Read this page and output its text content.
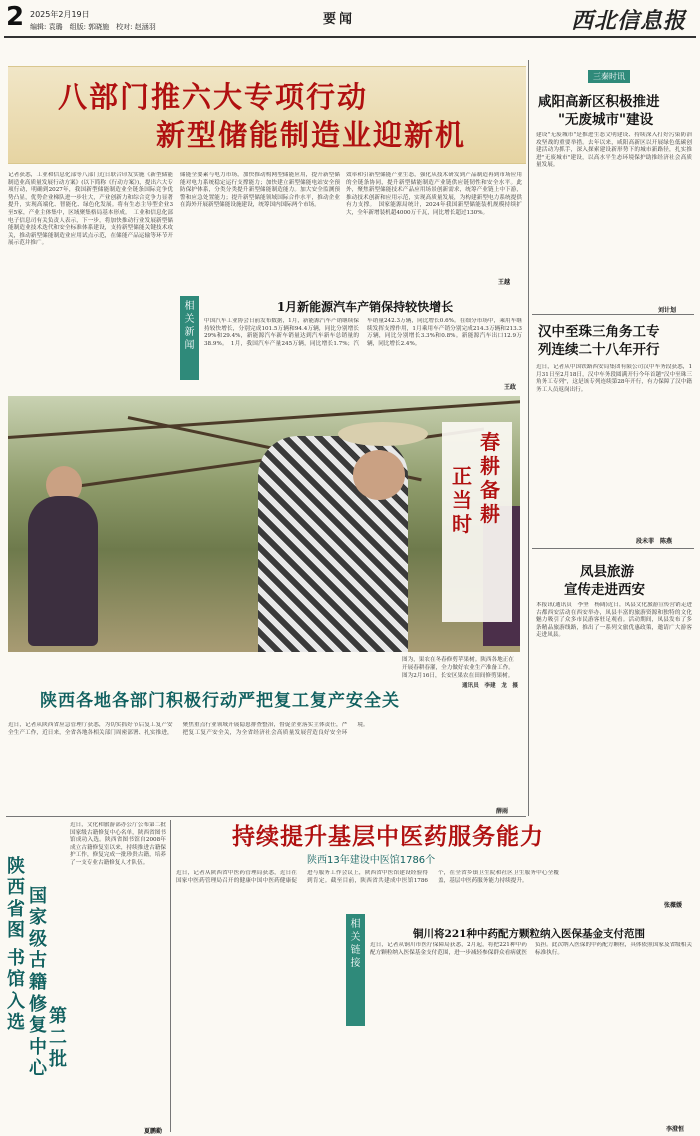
2 2025年2月19日
编辑: 袁璐　组版: 郭晓施　校对: 赵涵羽	要闻	西北信息报
八部门推六大专项行动
新型储能制造业迎新机
记者获悉，工业和信息化部等八部门近日联合印发实施《新型储能制造业高质量发展行动方案》(以下简称《行动方案》)，提出六大专项行动，明确到2027年，我国新型储能制造业全链条国际竞争优势凸显，优势企业梯队进一步壮大，产业创新力和综合竞争力显著提升，实现高端化、智能化、绿色化发展。将有生态主导型企业3至5家，产业主体集中，区域聚集格局基本形成。　工业和信息化部电子信息司有关负责人表示，下一步，将加快推动行业发展新型储能制造业技术迭代和安全标准体系建设，支持新型储能关键技术攻关，推动新型储能制造业应用试点示范，在储能产品运输等环节开展示范并推广。
储能全要素与电力市场，加快推动构网型储能应用，提升新型储能对电力系统稳定运行支撑能力；加快建立新型储能电站安全预防保护体系，分类分类提升新型储能制造能力。加大安全监测预警和应急处置能力；提升新型储能领域国际合作水平，推动企业在海外开展新型储能设施建设，统筹国内国际两个市场。
效率和引新型储能产业生态，强化从技术研发到产品制造再到市场应用的全链条协同，提升新型储能制造产业链供应链韧性和安全水平。此外，聚焦新型储能技术产品应用场景创新需求，统筹产业链上中下游，推动技术创新和应用示范，实现高质量发展，为构建新型电力系统提供有力支撑。　国家能源局统计，2024年我国新型储能装机规模持续扩大，全年新增装机超4000万千瓦，同比增长超过130%。
王越
相关新闻
1月新能源汽车产销保持较快增长
中国汽车工业协会日前发布数据，1月，新能源汽车产销继续保持较快增长，分别完成101.5万辆和94.4万辆，同比分别增长29%和29.4%，新能源汽车新车销量达到汽车新车总销量的38.9%。　1月，我国汽车产量245万辆，同比增长1.7%；汽车销量242.3万辆，同比增长0.6%。在细分市场中，乘用车继续发挥支撑作用，1月乘用车产销分别完成214.3万辆和213.3万辆，同比分别增长3.3%和0.8%。新能源汽车出口12.9万辆，同比增长2.4%。
王政
春耕备耕
正当时
图为，果农在冬春修剪苹果树。陕西各地正在开展春耕春灌，全力做好农业生产准备工作。　　图为2月16日，长安区果农在田间修剪果树。
通讯员　李建　龙　摄
陕西各地各部门积极行动严把复工复产安全关
近日，记者从陕西省应急管理厅获悉，为切实抓好节后复工复产安全生产工作，近日来，全省各地各相关部门周密部署、扎实推进，聚焦重点行业领域开展隐患排查整治，督促企业落实主体责任，严把复工复产安全关，为全省经济社会高质量发展营造良好安全环境。
薛雨
陕西省图
书馆入选
国家级古籍
修复中心
第二批
近日，文化和旅游部办公厅公布第二批国家级古籍修复中心名单，陕西省图书馆成功入选。陕西省图书馆自2008年成立古籍修复室以来，持续推进古籍保护工作，修复完成一批珍贵古籍，培养了一支专业古籍修复人才队伍。
夏鹏勤
持续提升基层中医药服务能力
陕西13年建设中医馆1786个
近日，记者从陕西省中医药管理局获悉，近日在国家中医药管理局召开的健康中国中医药健康促进与服务工作会议上，陕西省中医馆建设经验得到肯定。截至目前，陕西省共建成中医馆1786个，在全省乡镇卫生院和社区卫生服务中心全覆盖，基层中医药服务能力持续提升。
张薇媛
相关链接
铜川将221种中药配方颗粒纳入医保基金支付范围
近日，记者从铜川市医疗保障局获悉，2月起，将把221种中药配方颗粒纳入医保基金支付范围，进一步减轻参保群众看病就医负担。此次纳入医保的中药配方颗粒，具体依照国家及省级相关标准执行。
李澄恒
三秦时讯
咸阳高新区积极推进
"无废城市"建设
建设"无废城市"是推进生态文明建设、持续深入打好污染防治攻坚战的重要举措。去年以来，咸阳高新区以开展绿色低碳创建活动为抓手，深入探索建设新形势下的城市新路径，扎实推进"无废城市"建设，以高水平生态环境保护助推经济社会高质量发展。
刘计划
汉中至珠三角务工专
列连续二十八年开行
近日，记者从中国铁路西安局集团有限公司汉中车务段获悉，1月31日至2月18日，汉中车务段圆满开行今年首趟"汉中至珠三角务工专列"，这是该专列连续第28年开行，有力保障了汉中籍务工人员返岗出行。
段未菲　陈燕
凤县旅游
宣传走进西安
本报讯(通讯员　李坚　杨阔)近日，凤县文化旅游宣传营销走进古都西安活动在西安举办，凤县丰富的旅游资源和独特的文化魅力吸引了众多市民游客驻足观看。活动期间，凤县发布了多条精品旅游线路，推出了一系列文旅优惠政策，邀请广大游客走进凤县。
